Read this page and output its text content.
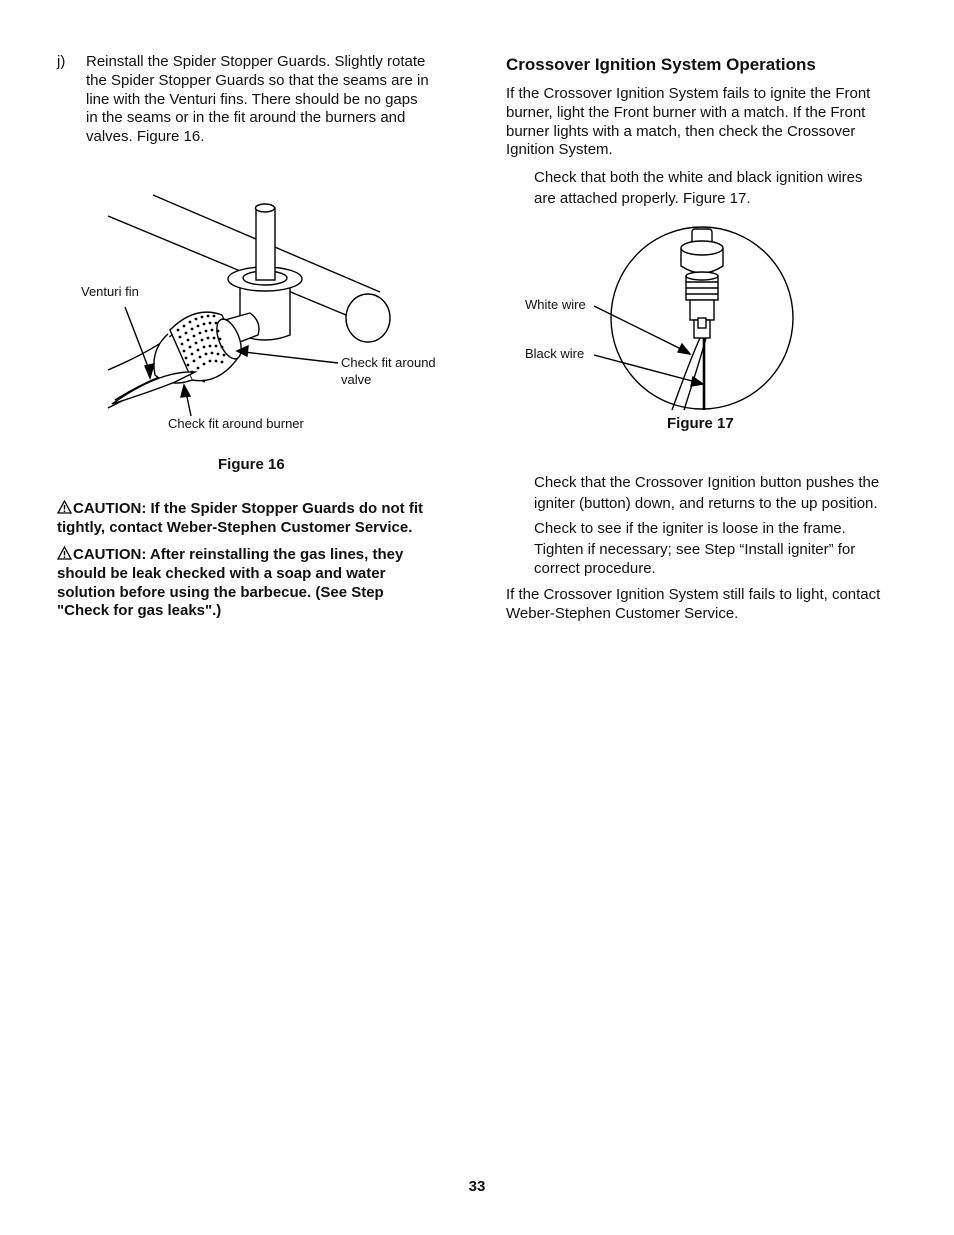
j) Reinstall the Spider Stopper Guards. Slightly rotate
the Spider Stopper Guards so that the seams are in
line with the Venturi fins. There should be no gaps
in the seams or in the fit around the burners and
valves. Figure 16.
Venturi fin
Check fit around
valve
Check fit around burner
Figure 16
CAUTION: If the Spider Stopper Guards do not fit
tightly, contact Weber-Stephen Customer Service.
CAUTION: After reinstalling the gas lines, they
should be leak checked with a soap and water
solution before using the barbecue. (See Step
"Check for gas leaks".)
Crossover Ignition System Operations
If the Crossover Ignition System fails to ignite the Front
burner, light the Front burner with a match. If the Front
burner lights with a match, then check the Crossover
Ignition System.
Check that both the white and black ignition wires
are attached properly. Figure 17.
White wire
Black wire
Figure 17
Check that the Crossover Ignition button pushes the
igniter (button) down, and returns to the up position.
Check to see if the igniter is loose in the frame.
Tighten if necessary; see Step “Install igniter” for
correct procedure.
If the Crossover Ignition System still fails to light, contact
Weber-Stephen Customer Service.
33
